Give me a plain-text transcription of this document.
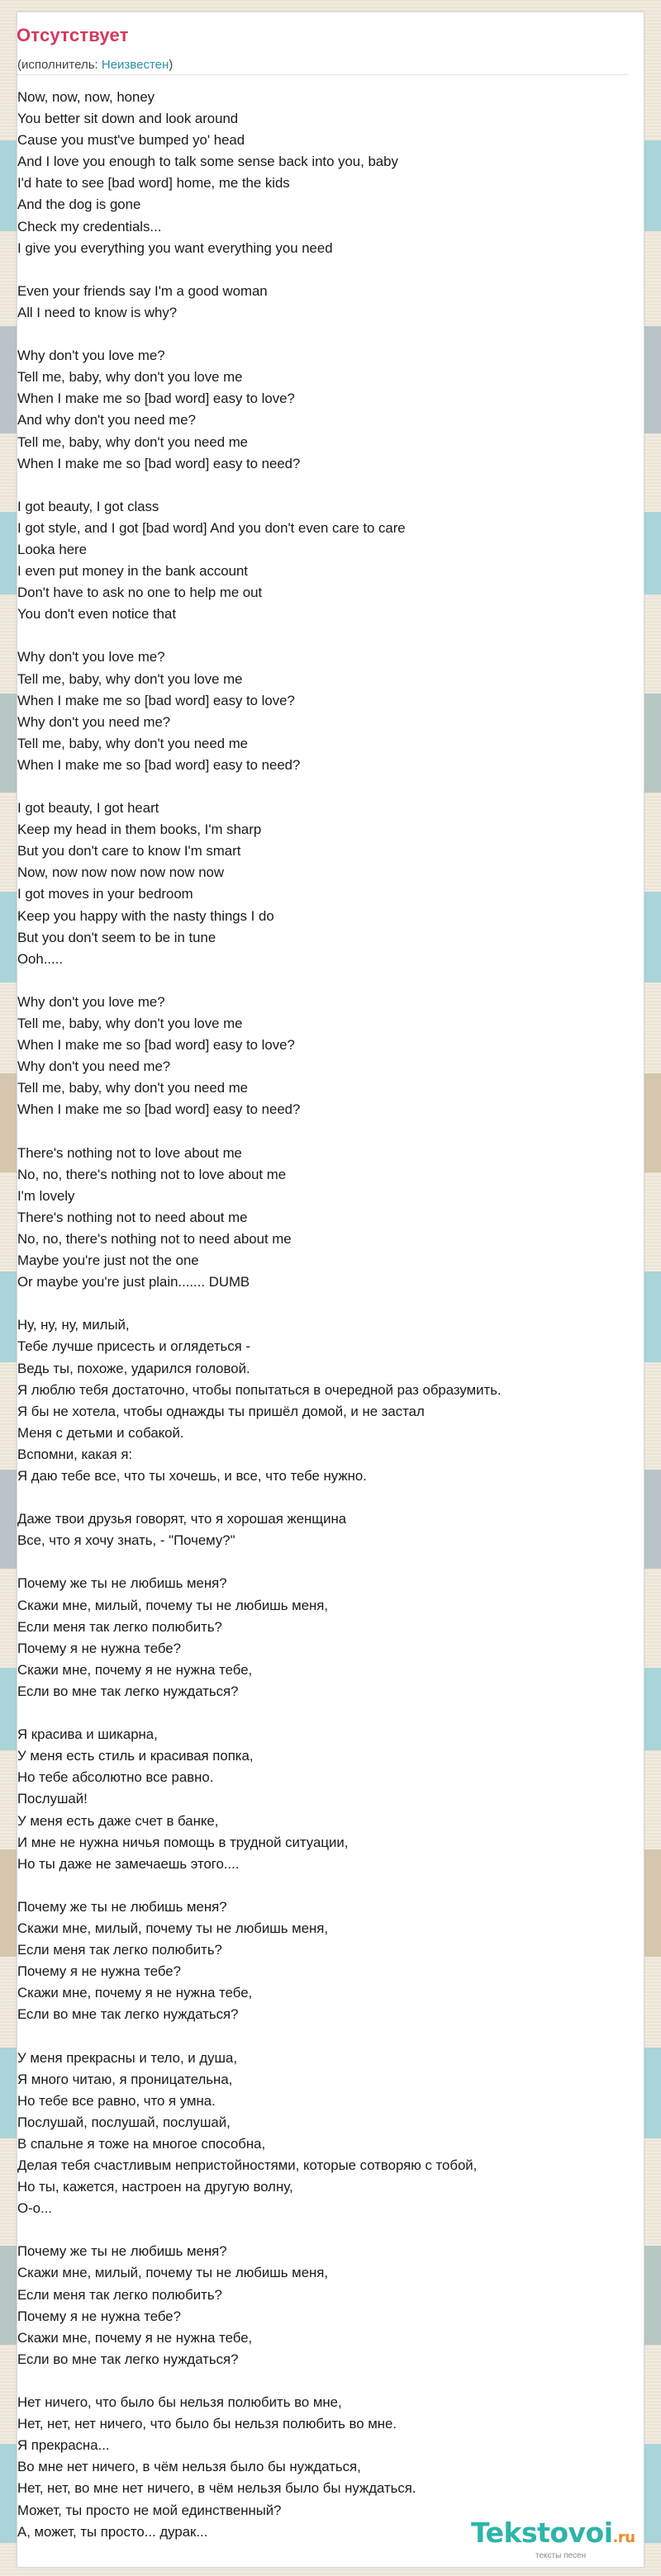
Отсутствует
(исполнитель: Неизвестен)
Now, now, now, honey
You better sit down and look around
Cause you must've bumped yo' head
And I love you enough to talk some sense back into you, baby
I'd hate to see [bad word] home, me the kids
And the dog is gone
Check my credentials...
I give you everything you want everything you need
Even your friends say I'm a good woman
All I need to know is why?
Why don't you love me?
Tell me, baby, why don't you love me
When I make me so [bad word] easy to love?
And why don't you need me?
Tell me, baby, why don't you need me
When I make me so [bad word] easy to need?
I got beauty, I got class
I got style, and I got [bad word] And you don't even care to care
Looka here
I even put money in the bank account
Don't have to ask no one to help me out
You don't even notice that
Why don't you love me?
Tell me, baby, why don't you love me
When I make me so [bad word] easy to love?
Why don't you need me?
Tell me, baby, why don't you need me
When I make me so [bad word] easy to need?
I got beauty, I got heart
Keep my head in them books, I'm sharp
But you don't care to know I'm smart
Now, now now now now now now
I got moves in your bedroom
Keep you happy with the nasty things I do
But you don't seem to be in tune
Ooh.....
Why don't you love me?
Tell me, baby, why don't you love me
When I make me so [bad word] easy to love?
Why don't you need me?
Tell me, baby, why don't you need me
When I make me so [bad word] easy to need?
There's nothing not to love about me
No, no, there's nothing not to love about me
I'm lovely
There's nothing not to need about me
No, no, there's nothing not to need about me
Maybe you're just not the one
Or maybe you're just plain....... DUMB
Ну, ну, ну, милый,
Тебе лучше присесть и оглядеться -
Ведь ты, похоже, ударился головой.
Я люблю тебя достаточно, чтобы попытаться в очередной раз образумить.
Я бы не хотела, чтобы однажды ты пришёл домой, и не застал
Меня с детьми и собакой.
Вспомни, какая я:
Я даю тебе все, что ты хочешь, и все, что тебе нужно.
Даже твои друзья говорят, что я хорошая женщина
Все, что я хочу знать, - "Почему?"
Почему же ты не любишь меня?
Скажи мне, милый, почему ты не любишь меня,
Если меня так легко полюбить?
Почему я не нужна тебе?
Скажи мне, почему я не нужна тебе,
Если во мне так легко нуждаться?
Я красива и шикарна,
У меня есть стиль и красивая попка,
Но тебе абсолютно все равно.
Послушай!
У меня есть даже счет в банке,
И мне не нужна ничья помощь в трудной ситуации,
Но ты даже не замечаешь этого....
Почему же ты не любишь меня?
Скажи мне, милый, почему ты не любишь меня,
Если меня так легко полюбить?
Почему я не нужна тебе?
Скажи мне, почему я не нужна тебе,
Если во мне так легко нуждаться?
У меня прекрасны и тело, и душа,
Я много читаю, я проницательна,
Но тебе все равно, что я умна.
Послушай, послушай, послушай,
В спальне я тоже на многое способна,
Делая тебя счастливым непристойностями, которые сотворяю с тобой,
Но ты, кажется, настроен на другую волну,
О-о...
Почему же ты не любишь меня?
Скажи мне, милый, почему ты не любишь меня,
Если меня так легко полюбить?
Почему я не нужна тебе?
Скажи мне, почему я не нужна тебе,
Если во мне так легко нуждаться?
Нет ничего, что было бы нельзя полюбить во мне,
Нет, нет, нет ничего, что было бы нельзя полюбить во мне.
Я прекрасна...
Во мне нет ничего, в чём нельзя было бы нуждаться,
Нет, нет, во мне нет ничего, в чём нельзя было бы нуждаться.
Может, ты просто не мой единственный?
А, может, ты просто... дурак...	Tekstovoi.ru
тексты песен
